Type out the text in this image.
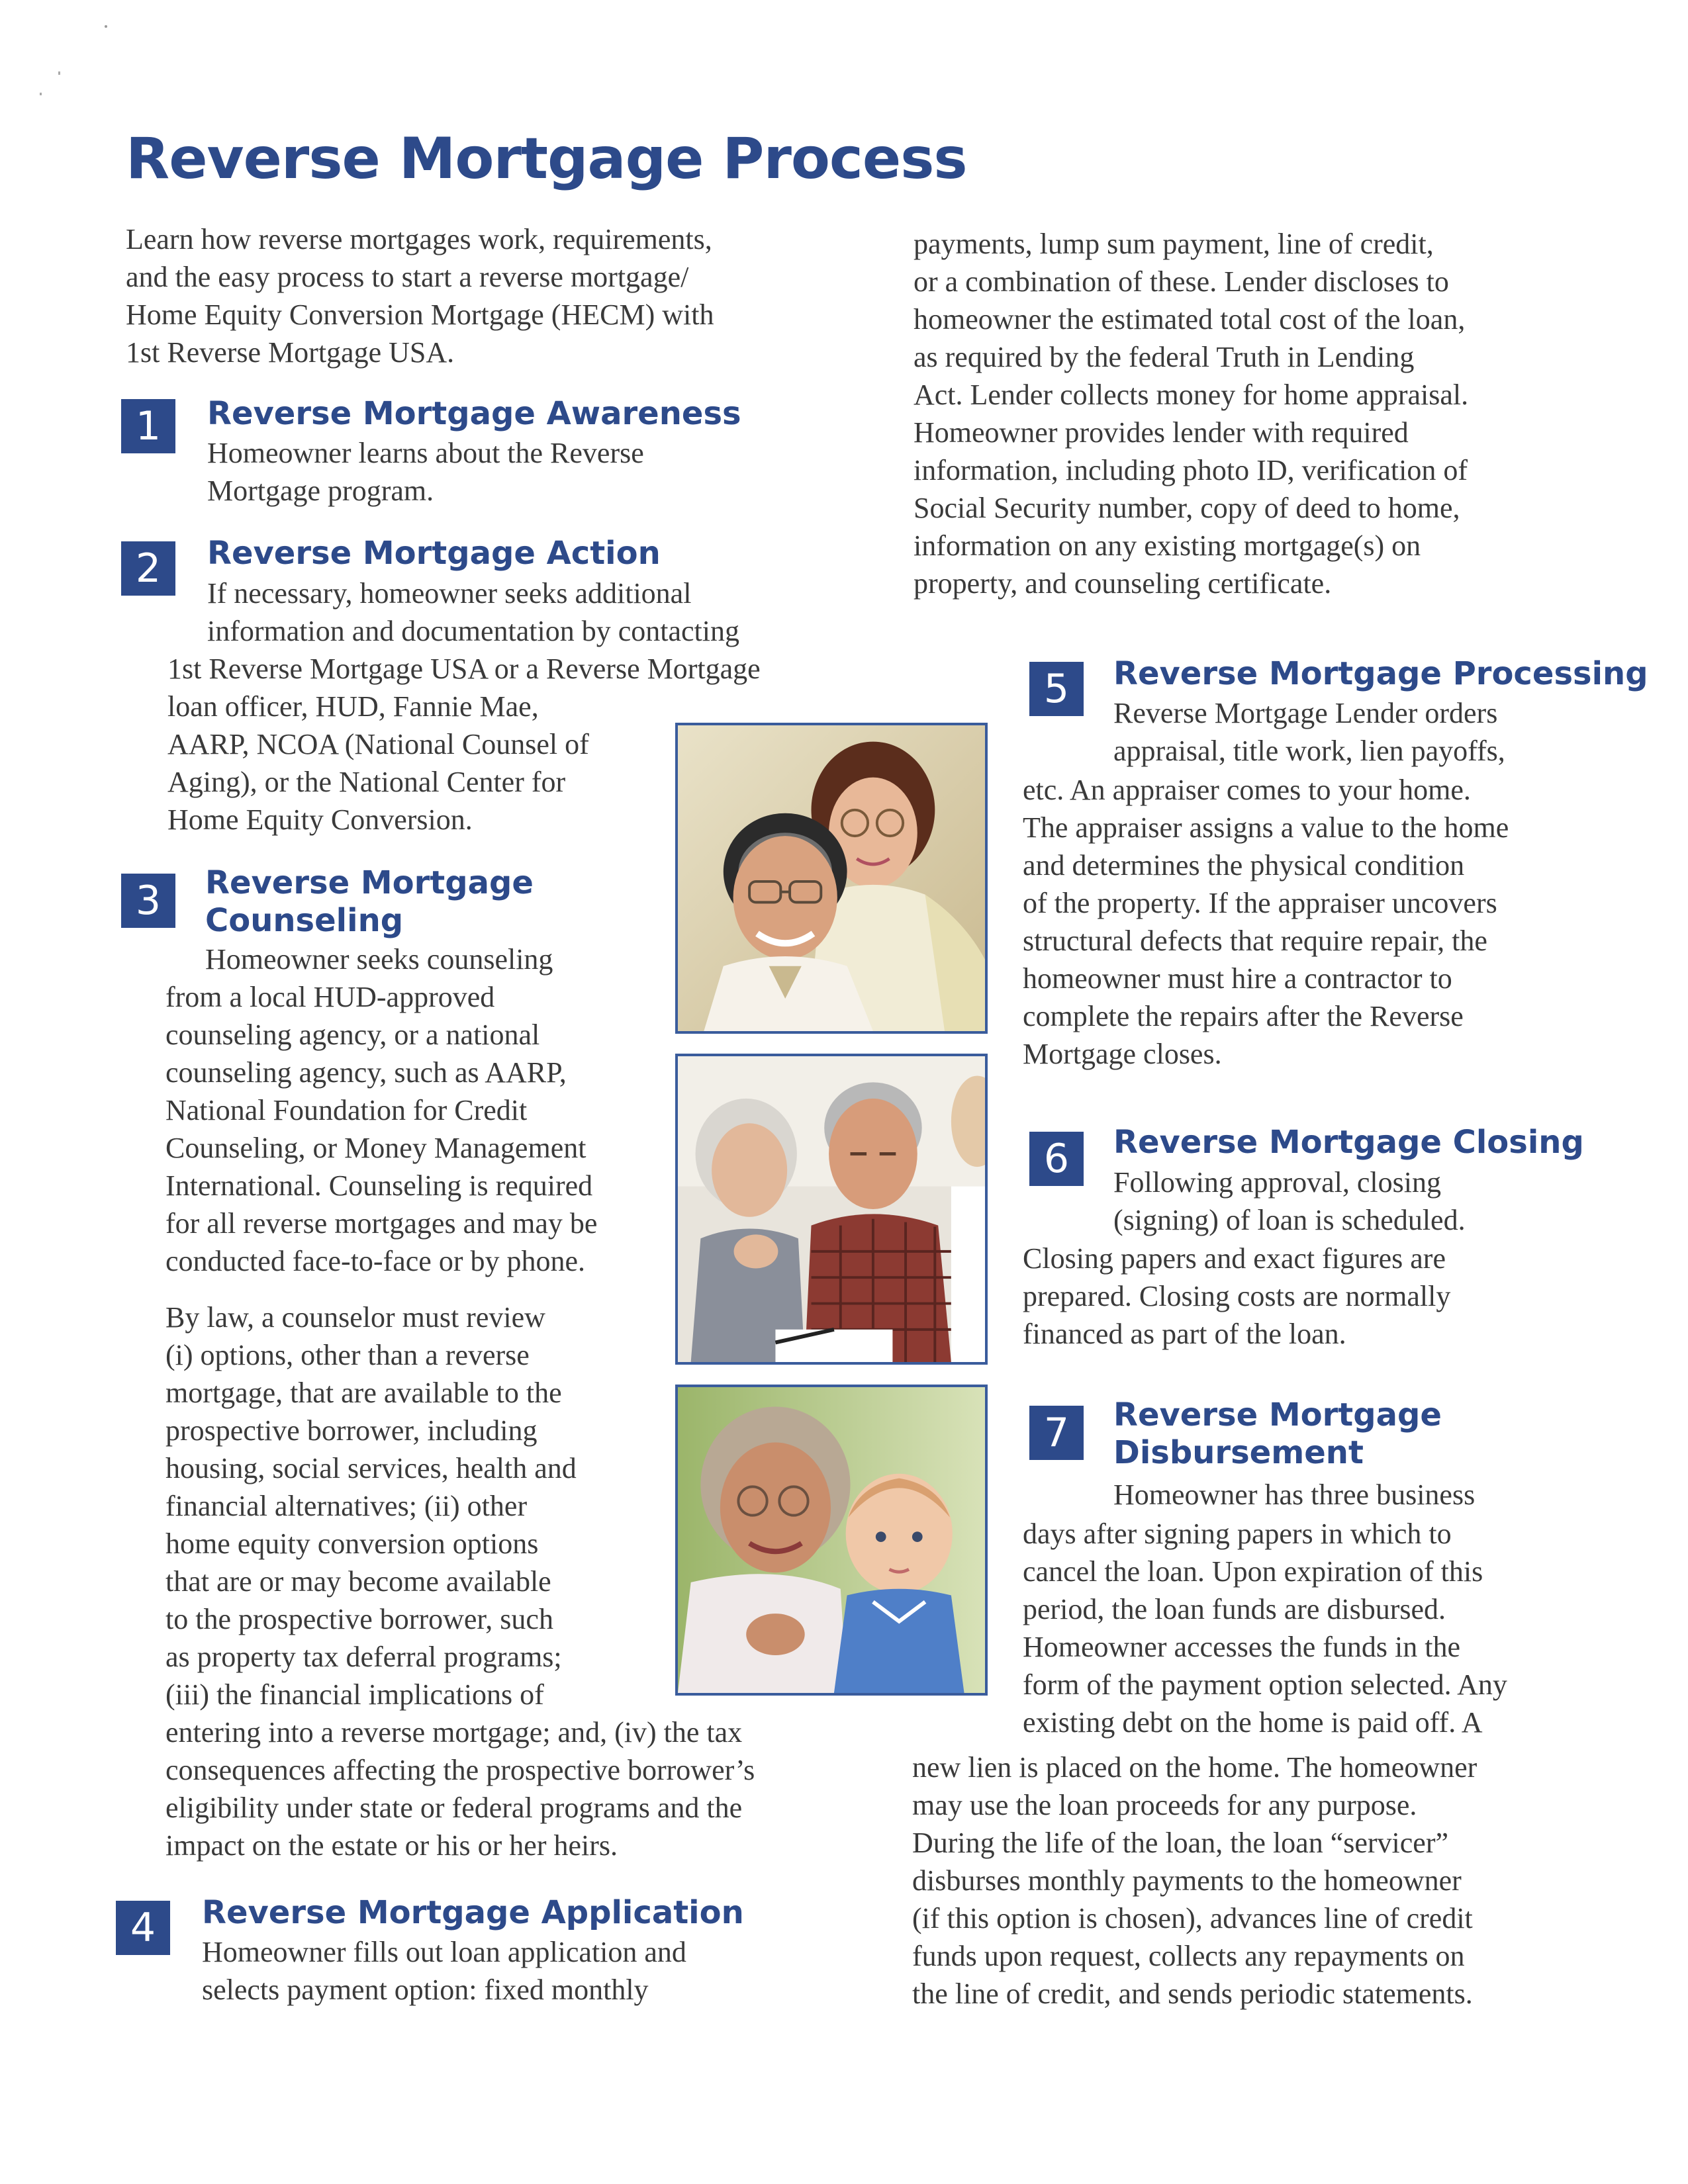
Reverse Mortgage Process
Learn how reverse mortgages work, requirements,
and the easy process to start a reverse mortgage/
Home Equity Conversion Mortgage (HECM) with
1st Reverse Mortgage USA.
1	Reverse Mortgage Awareness
Homeowner learns about the Reverse
Mortgage program.
2	Reverse Mortgage Action
If necessary, homeowner seeks additional
information and documentation by contacting
1st Reverse Mortgage USA or a Reverse Mortgage
loan officer, HUD, Fannie Mae,
AARP, NCOA (National Counsel of
Aging), or the National Center for
Home Equity Conversion.
3	Reverse Mortgage
Counseling
Homeowner seeks counseling
from a local HUD-approved
counseling agency, or a national
counseling agency, such as AARP,
National Foundation for Credit
Counseling, or Money Management
International. Counseling is required
for all reverse mortgages and may be
conducted face-to-face or by phone.
By law, a counselor must review
(i) options, other than a reverse
mortgage, that are available to the
prospective borrower, including
housing, social services, health and
financial alternatives; (ii) other
home equity conversion options
that are or may become available
to the prospective borrower, such
as property tax deferral programs;
(iii) the financial implications of
entering into a reverse mortgage; and, (iv) the tax
consequences affecting the prospective borrower’s
eligibility under state or federal programs and the
impact on the estate or his or her heirs.
4	Reverse Mortgage Application
Homeowner fills out loan application and
selects payment option: fixed monthly
payments, lump sum payment, line of credit,
or a combination of these. Lender discloses to
homeowner the estimated total cost of the loan,
as required by the federal Truth in Lending
Act. Lender collects money for home appraisal.
Homeowner provides lender with required
information, including photo ID, verification of
Social Security number, copy of deed to home,
information on any existing mortgage(s) on
property, and counseling certificate.
5	Reverse Mortgage Processing
Reverse Mortgage Lender orders
appraisal, title work, lien payoffs,
etc. An appraiser comes to your home.
The appraiser assigns a value to the home
and determines the physical condition
of the property. If the appraiser uncovers
structural defects that require repair, the
homeowner must hire a contractor to
complete the repairs after the Reverse
Mortgage closes.
6	Reverse Mortgage Closing
Following approval, closing
(signing) of loan is scheduled.
Closing papers and exact figures are
prepared. Closing costs are normally
financed as part of the loan.
7	Reverse Mortgage
Disbursement
Homeowner has three business
days after signing papers in which to
cancel the loan. Upon expiration of this
period, the loan funds are disbursed.
Homeowner accesses the funds in the
form of the payment option selected. Any
existing debt on the home is paid off. A
new lien is placed on the home. The homeowner
may use the loan proceeds for any purpose.
During the life of the loan, the loan “servicer”
disburses monthly payments to the homeowner
(if this option is chosen), advances line of credit
funds upon request, collects any repayments on
the line of credit, and sends periodic statements.
